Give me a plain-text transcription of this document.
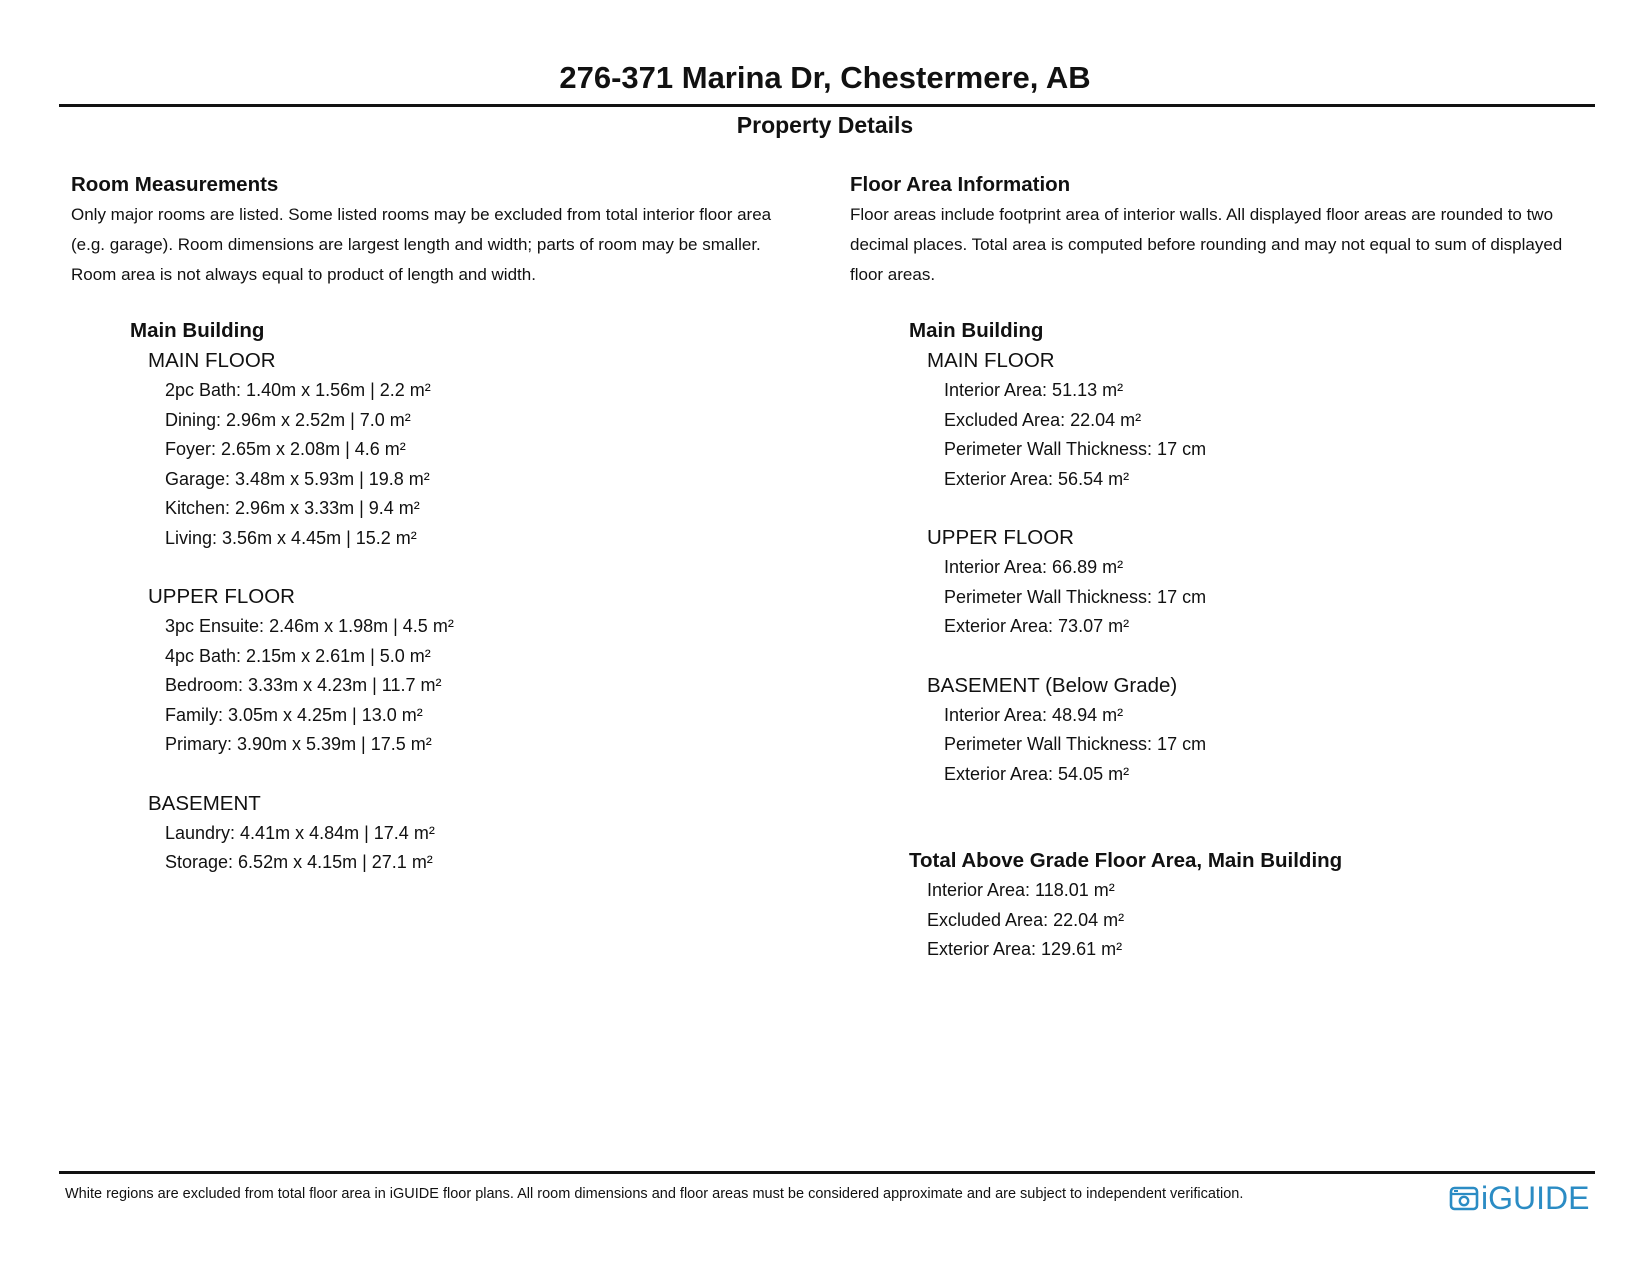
276-371 Marina Dr, Chestermere, AB
Property Details

Room Measurements

Only major rooms are listed. Some listed rooms may be excluded from total interior floor area

(e.g. garage). Room dimensions are largest length and width; parts of room may be smaller.

Room area is not always equal to product of length and width.

Main Building
MAIN FLOOR
2pc Bath: 1.40m x 1.56m | 2.2 m²
Dining: 2.96m x 2.52m | 7.0 m²
Foyer: 2.65m x 2.08m | 4.6 m²
Garage: 3.48m x 5.93m | 19.8 m²
Kitchen: 2.96m x 3.33m | 9.4 m²
Living: 3.56m x 4.45m | 15.2 m²
UPPER FLOOR
3pc Ensuite: 2.46m x 1.98m | 4.5 m²
4pc Bath: 2.15m x 2.61m | 5.0 m²
Bedroom: 3.33m x 4.23m | 11.7 m²
Family: 3.05m x 4.25m | 13.0 m²
Primary: 3.90m x 5.39m | 17.5 m²
BASEMENT
Laundry: 4.41m x 4.84m | 17.4 m²
Storage: 6.52m x 4.15m | 27.1 m²

Floor Area Information

Floor areas include footprint area of interior walls. All displayed floor areas are rounded to two

decimal places. Total area is computed before rounding and may not equal to sum of displayed

floor areas.

Main Building
MAIN FLOOR
Interior Area: 51.13 m²
Excluded Area: 22.04 m²
Perimeter Wall Thickness: 17 cm
Exterior Area: 56.54 m²
UPPER FLOOR
Interior Area: 66.89 m²
Perimeter Wall Thickness: 17 cm
Exterior Area: 73.07 m²
BASEMENT (Below Grade)
Interior Area: 48.94 m²
Perimeter Wall Thickness: 17 cm
Exterior Area: 54.05 m²
Total Above Grade Floor Area, Main Building
Interior Area: 118.01 m²
Excluded Area: 22.04 m²
Exterior Area: 129.61 m²
White regions are excluded from total floor area in iGUIDE floor plans. All room dimensions and floor areas must be considered approximate and are subject to independent verification.	iGUIDE
